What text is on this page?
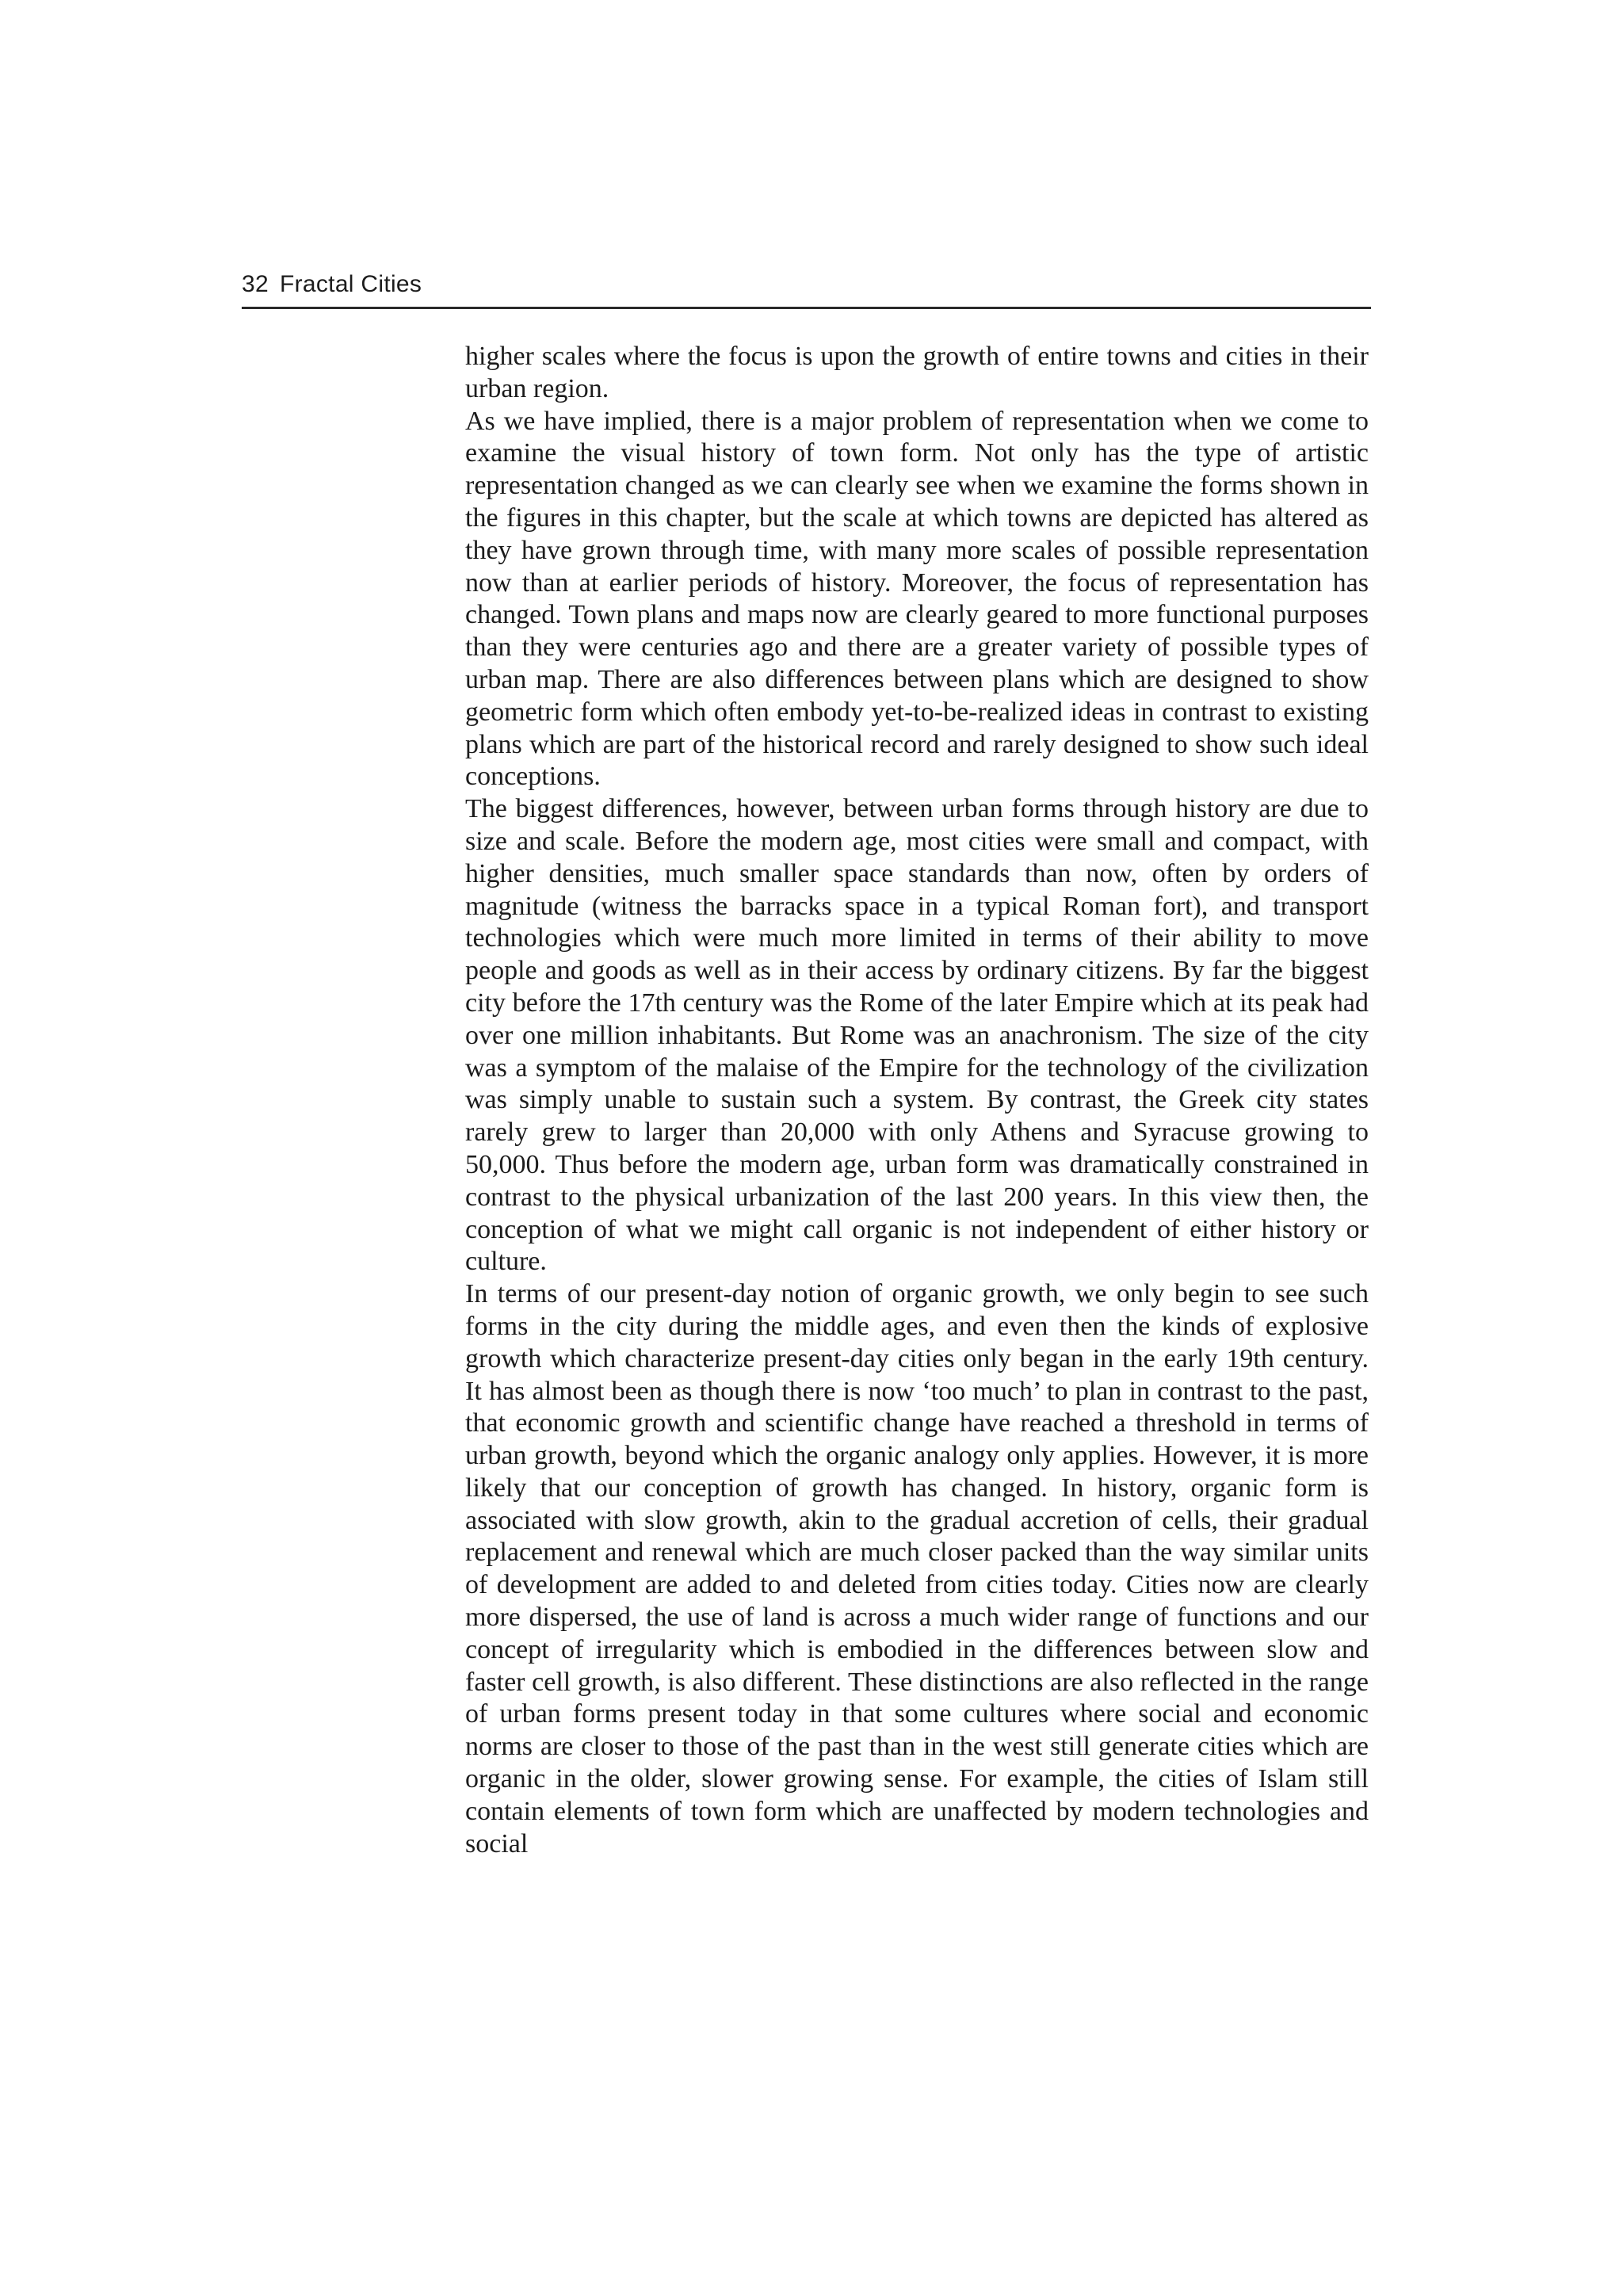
32 Fractal Cities

higher scales where the focus is upon the growth of entire towns and cities in their urban region.

As we have implied, there is a major problem of representation when we come to examine the visual history of town form. Not only has the type of artistic representation changed as we can clearly see when we examine the forms shown in the figures in this chapter, but the scale at which towns are depicted has altered as they have grown through time, with many more scales of possible representation now than at earlier periods of history. Moreover, the focus of representation has changed. Town plans and maps now are clearly geared to more functional purposes than they were centuries ago and there are a greater variety of possible types of urban map. There are also differences between plans which are designed to show geometric form which often embody yet-to-be-realized ideas in contrast to existing plans which are part of the historical record and rarely designed to show such ideal conceptions.

The biggest differences, however, between urban forms through history are due to size and scale. Before the modern age, most cities were small and compact, with higher densities, much smaller space standards than now, often by orders of magnitude (witness the barracks space in a typical Roman fort), and transport technologies which were much more limited in terms of their ability to move people and goods as well as in their access by ordinary citizens. By far the biggest city before the 17th century was the Rome of the later Empire which at its peak had over one million inhabitants. But Rome was an anachronism. The size of the city was a symptom of the malaise of the Empire for the technology of the civilization was simply unable to sustain such a system. By contrast, the Greek city states rarely grew to larger than 20,000 with only Athens and Syracuse growing to 50,000. Thus before the modern age, urban form was dramatically constrained in contrast to the physical urbanization of the last 200 years. In this view then, the conception of what we might call organic is not independent of either history or culture.

In terms of our present-day notion of organic growth, we only begin to see such forms in the city during the middle ages, and even then the kinds of explosive growth which characterize present-day cities only began in the early 19th century. It has almost been as though there is now ‘too much’ to plan in contrast to the past, that economic growth and scientific change have reached a threshold in terms of urban growth, beyond which the organic analogy only applies. However, it is more likely that our conception of growth has changed. In history, organic form is associated with slow growth, akin to the gradual accretion of cells, their gradual replacement and renewal which are much closer packed than the way similar units of development are added to and deleted from cities today. Cities now are clearly more dispersed, the use of land is across a much wider range of functions and our concept of irregularity which is embodied in the differences between slow and faster cell growth, is also different. These distinctions are also reflected in the range of urban forms present today in that some cultures where social and economic norms are closer to those of the past than in the west still generate cities which are organic in the older, slower growing sense. For example, the cities of Islam still contain elements of town form which are unaffected by modern technologies and social
